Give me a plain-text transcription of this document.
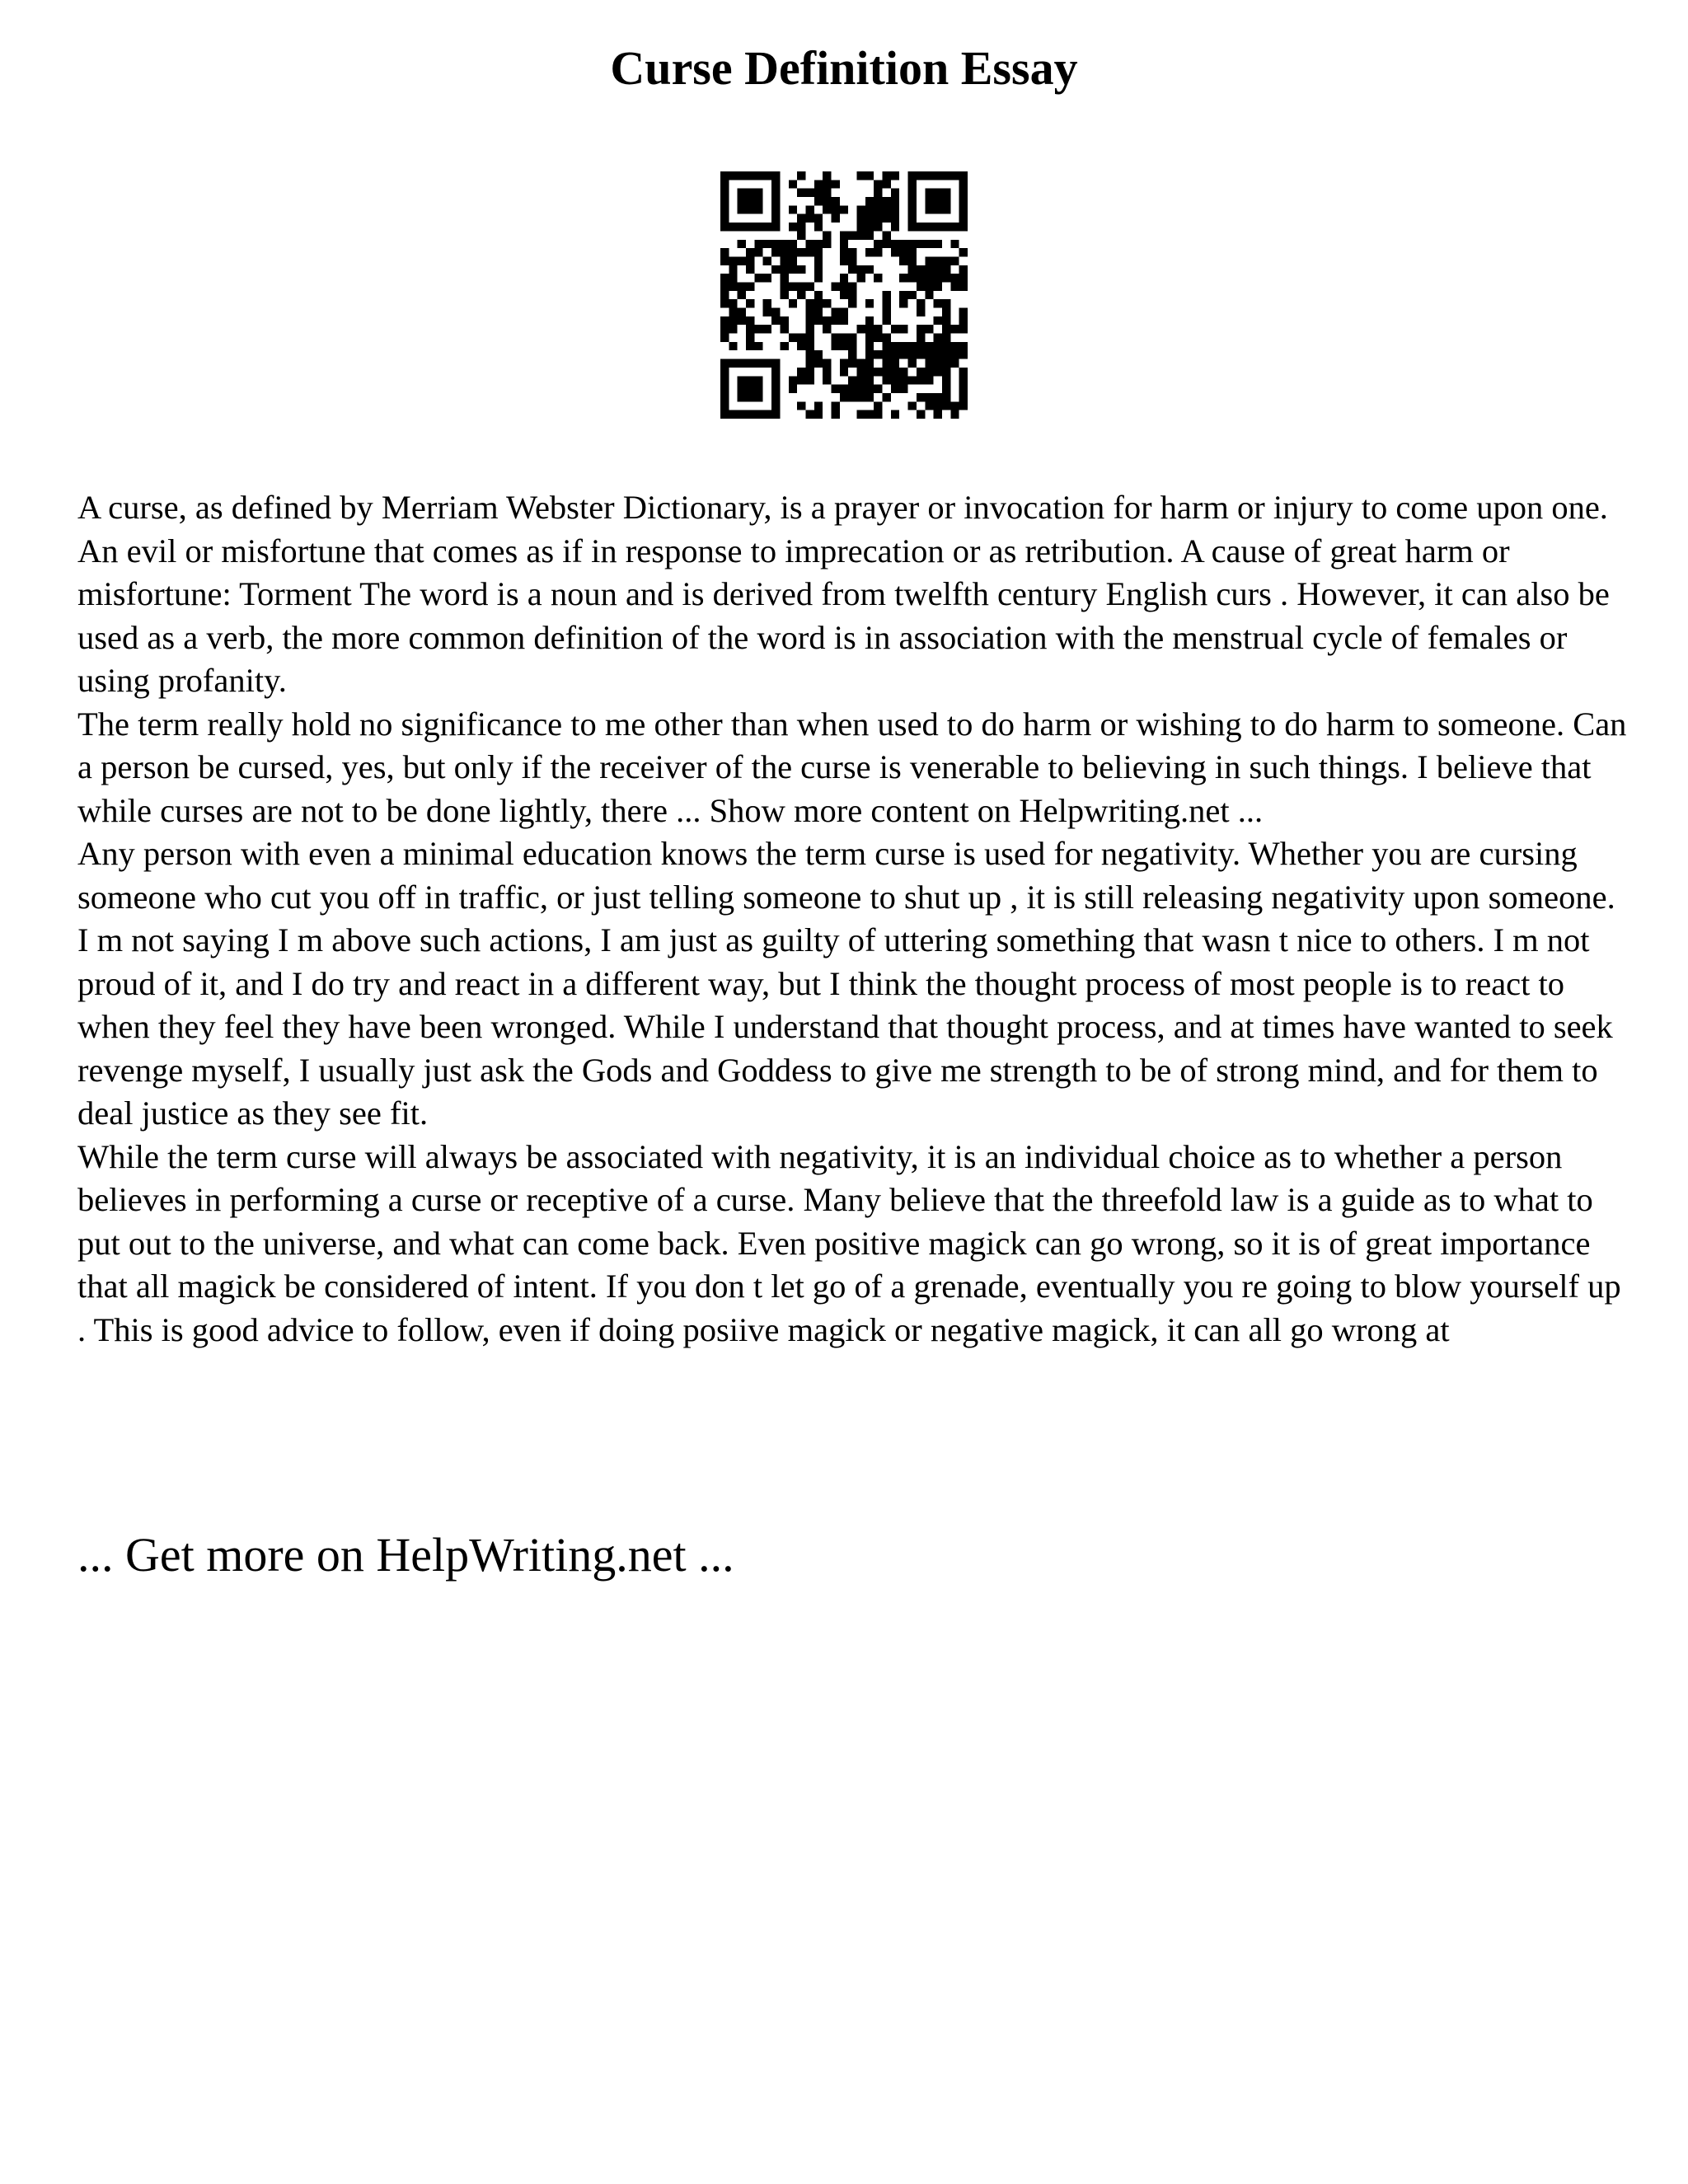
Curse Definition Essay

A curse, as defined by Merriam Webster Dictionary, is a prayer or invocation for harm or injury to come upon one. An evil or misfortune that comes as if in response to imprecation or as retribution. A cause of great harm or misfortune: Torment The word is a noun and is derived from twelfth century English curs . However, it can also be used as a verb, the more common definition of the word is in association with the menstrual cycle of females or using profanity.

The term really hold no significance to me other than when used to do harm or wishing to do harm to someone. Can a person be cursed, yes, but only if the receiver of the curse is venerable to believing in such things. I believe that while curses are not to be done lightly, there ... Show more content on Helpwriting.net ...

Any person with even a minimal education knows the term curse is used for negativity. Whether you are cursing someone who cut you off in traffic, or just telling someone to shut up , it is still releasing negativity upon someone. I m not saying I m above such actions, I am just as guilty of uttering something that wasn t nice to others. I m not proud of it, and I do try and react in a different way, but I think the thought process of most people is to react to when they feel they have been wronged. While I understand that thought process, and at times have wanted to seek revenge myself, I usually just ask the Gods and Goddess to give me strength to be of strong mind, and for them to deal justice as they see fit.

While the term curse will always be associated with negativity, it is an individual choice as to whether a person believes in performing a curse or receptive of a curse. Many believe that the threefold law is a guide as to what to put out to the universe, and what can come back. Even positive magick can go wrong, so it is of great importance that all magick be considered of intent. If you don t let go of a grenade, eventually you re going to blow yourself up . This is good advice to follow, even if doing posiive magick or negative magick, it can all go wrong at

... Get more on HelpWriting.net ...
